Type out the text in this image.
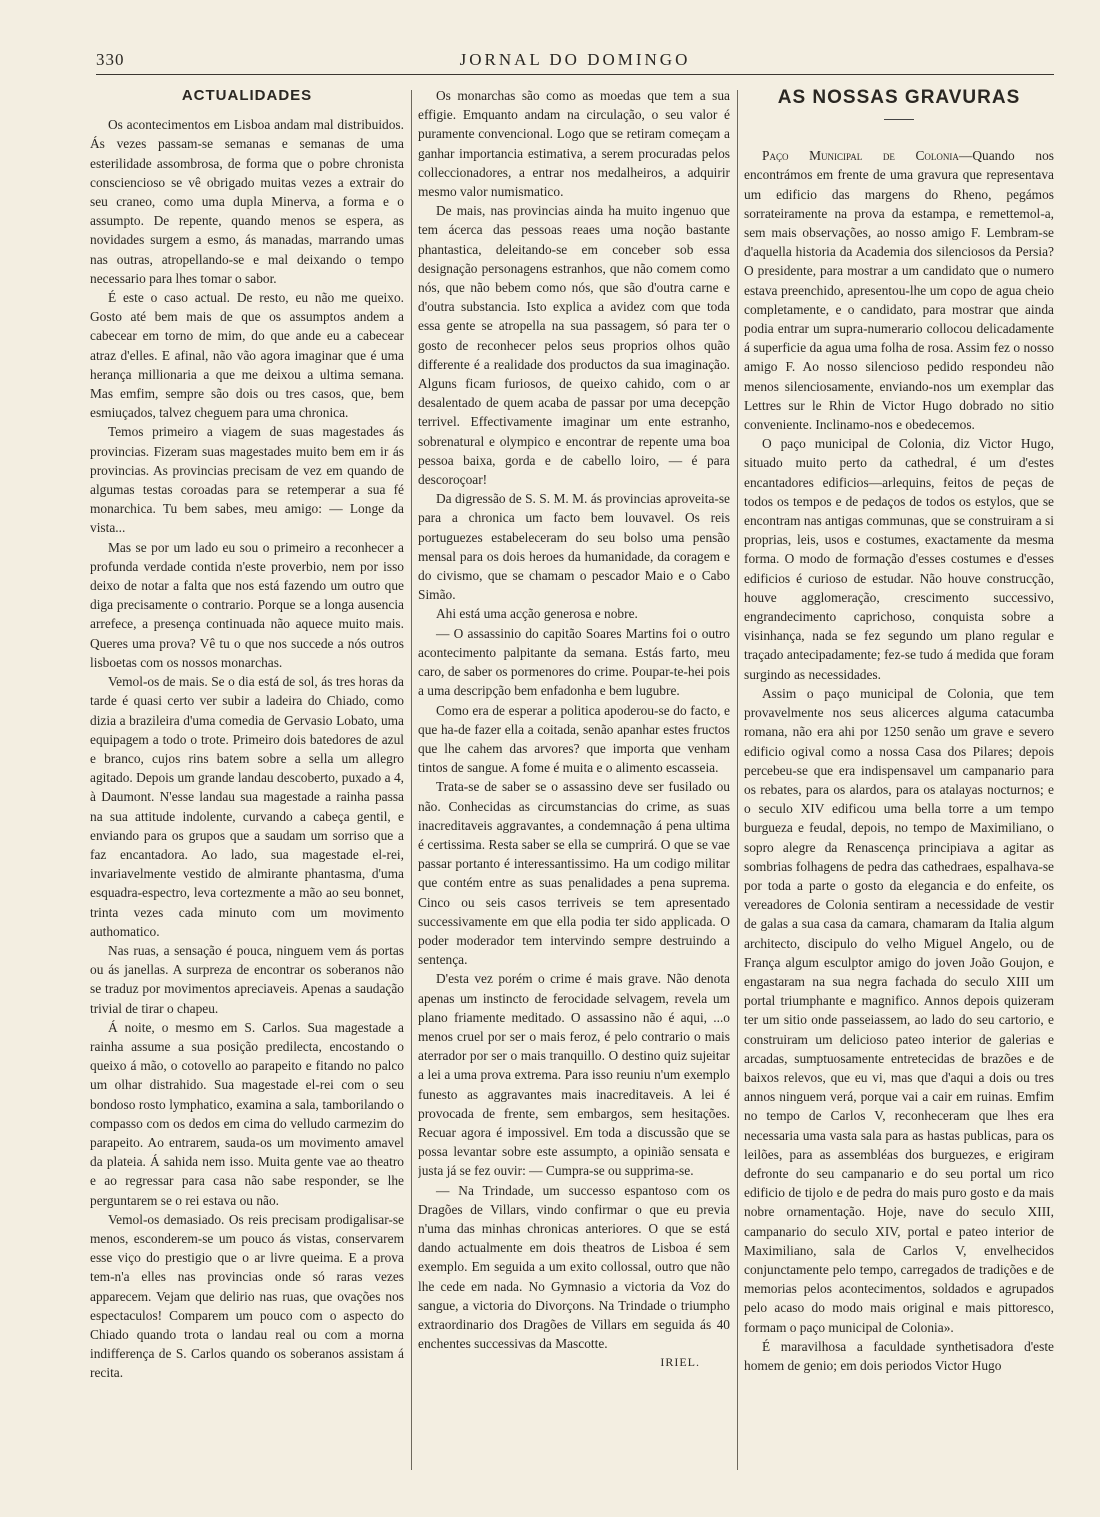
330	JORNAL DO DOMINGO
ACTUALIDADES

Os acontecimentos em Lisboa andam mal distribuidos. Ás vezes passam-se semanas e semanas de uma esterilidade assombrosa, de forma que o pobre chronista consciencioso se vê obrigado muitas vezes a extrair do seu craneo, como uma dupla Minerva, a forma e o assumpto. De repente, quando menos se espera, as novidades surgem a esmo, ás manadas, marrando umas nas outras, atropellando-se e mal deixando o tempo necessario para lhes tomar o sabor.

É este o caso actual. De resto, eu não me queixo. Gosto até bem mais de que os assumptos andem a cabecear em torno de mim, do que ande eu a cabecear atraz d'elles. E afinal, não vão agora imaginar que é uma herança millionaria a que me deixou a ultima semana. Mas emfim, sempre são dois ou tres casos, que, bem esmiuçados, talvez cheguem para uma chronica.

Temos primeiro a viagem de suas magestades ás provincias. Fizeram suas magestades muito bem em ir ás provincias. As provincias precisam de vez em quando de algumas testas coroadas para se retemperar a sua fé monarchica. Tu bem sabes, meu amigo: — Longe da vista...

Mas se por um lado eu sou o primeiro a reconhecer a profunda verdade contida n'este proverbio, nem por isso deixo de notar a falta que nos está fazendo um outro que diga precisamente o contrario. Porque se a longa ausencia arrefece, a presença continuada não aquece muito mais. Queres uma prova? Vê tu o que nos succede a nós outros lisboetas com os nossos monarchas.

Vemol-os de mais. Se o dia está de sol, ás tres horas da tarde é quasi certo ver subir a ladeira do Chiado, como dizia a brazileira d'uma comedia de Gervasio Lobato, uma equipagem a todo o trote. Primeiro dois batedores de azul e branco, cujos rins batem sobre a sella um allegro agitado. Depois um grande landau descoberto, puxado a 4, à Daumont. N'esse landau sua magestade a rainha passa na sua attitude indolente, curvando a cabeça gentil, e enviando para os grupos que a saudam um sorriso que a faz encantadora. Ao lado, sua magestade el-rei, invariavelmente vestido de almirante phantasma, d'uma esquadra-espectro, leva cortezmente a mão ao seu bonnet, trinta vezes cada minuto com um movimento authomatico.

Nas ruas, a sensação é pouca, ninguem vem ás portas ou ás janellas. A surpreza de encontrar os soberanos não se traduz por movimentos apreciaveis. Apenas a saudação trivial de tirar o chapeu.

Á noite, o mesmo em S. Carlos. Sua magestade a rainha assume a sua posição predilecta, encostando o queixo á mão, o cotovello ao parapeito e fitando no palco um olhar distrahido. Sua magestade el-rei com o seu bondoso rosto lymphatico, examina a sala, tamborilando o compasso com os dedos em cima do velludo carmezim do parapeito. Ao entrarem, sauda-os um movimento amavel da plateia. Á sahida nem isso. Muita gente vae ao theatro e ao regressar para casa não sabe responder, se lhe perguntarem se o rei estava ou não.

Vemol-os demasiado. Os reis precisam prodigalisar-se menos, esconderem-se um pouco ás vistas, conservarem esse viço do prestigio que o ar livre queima. E a prova tem-n'a elles nas provincias onde só raras vezes apparecem. Vejam que delirio nas ruas, que ovações nos espectaculos! Comparem um pouco com o aspecto do Chiado quando trota o landau real ou com a morna indifferença de S. Carlos quando os soberanos assistam á recita.

Os monarchas são como as moedas que tem a sua effigie. Emquanto andam na circulação, o seu valor é puramente convencional. Logo que se retiram começam a ganhar importancia estimativa, a serem procuradas pelos colleccionadores, a entrar nos medalheiros, a adquirir mesmo valor numismatico.

De mais, nas provincias ainda ha muito ingenuo que tem ácerca das pessoas reaes uma noção bastante phantastica, deleitando-se em conceber sob essa designação personagens estranhos, que não comem como nós, que não bebem como nós, que são d'outra carne e d'outra substancia. Isto explica a avidez com que toda essa gente se atropella na sua passagem, só para ter o gosto de reconhecer pelos seus proprios olhos quão differente é a realidade dos productos da sua imaginação. Alguns ficam furiosos, de queixo cahido, com o ar desalentado de quem acaba de passar por uma decepção terrivel. Effectivamente imaginar um ente estranho, sobrenatural e olympico e encontrar de repente uma boa pessoa baixa, gorda e de cabello loiro, — é para descoroçoar!

Da digressão de S. S. M. M. ás provincias aproveita-se para a chronica um facto bem louvavel. Os reis portuguezes estabeleceram do seu bolso uma pensão mensal para os dois heroes da humanidade, da coragem e do civismo, que se chamam o pescador Maio e o Cabo Simão.

Ahi está uma acção generosa e nobre.

— O assassinio do capitão Soares Martins foi o outro acontecimento palpitante da semana. Estás farto, meu caro, de saber os pormenores do crime. Poupar-te-hei pois a uma descripção bem enfadonha e bem lugubre.

Como era de esperar a politica apoderou-se do facto, e que ha-de fazer ella a coitada, senão apanhar estes fructos que lhe cahem das arvores? que importa que venham tintos de sangue. A fome é muita e o alimento escasseia.

Trata-se de saber se o assassino deve ser fusilado ou não. Conhecidas as circumstancias do crime, as suas inacreditaveis aggravantes, a condemnação á pena ultima é certissima. Resta saber se ella se cumprirá. O que se vae passar portanto é interessantissimo. Ha um codigo militar que contém entre as suas penalidades a pena suprema. Cinco ou seis casos terriveis se tem apresentado successivamente em que ella podia ter sido applicada. O poder moderador tem intervindo sempre destruindo a sentença.

D'esta vez porém o crime é mais grave. Não denota apenas um instincto de ferocidade selvagem, revela um plano friamente meditado. O assassino não é aqui, ...o menos cruel por ser o mais feroz, é pelo contrario o mais aterrador por ser o mais tranquillo. O destino quiz sujeitar a lei a uma prova extrema. Para isso reuniu n'um exemplo funesto as aggravantes mais inacreditaveis. A lei é provocada de frente, sem embargos, sem hesitações. Recuar agora é impossivel. Em toda a discussão que se possa levantar sobre este assumpto, a opinião sensata e justa já se fez ouvir: — Cumpra-se ou supprima-se.

— Na Trindade, um successo espantoso com os Dragões de Villars, vindo confirmar o que eu previa n'uma das minhas chronicas anteriores. O que se está dando actualmente em dois theatros de Lisboa é sem exemplo. Em seguida a um exito collossal, outro que não lhe cede em nada. No Gymnasio a victoria da Voz do sangue, a victoria do Divorçons. Na Trindade o triumpho extraordinario dos Dragões de Villars em seguida ás 40 enchentes successivas da Mascotte.

IRIEL.

AS NOSSAS GRAVURAS

Paço Municipal de Colonia—Quando nos encontrámos em frente de uma gravura que representava um edificio das margens do Rheno, pegámos sorrateiramente na prova da estampa, e remettemol-a, sem mais observações, ao nosso amigo F. Lembram-se d'aquella historia da Academia dos silenciosos da Persia? O presidente, para mostrar a um candidato que o numero estava preenchido, apresentou-lhe um copo de agua cheio completamente, e o candidato, para mostrar que ainda podia entrar um supra-numerario collocou delicadamente á superficie da agua uma folha de rosa. Assim fez o nosso amigo F. Ao nosso silencioso pedido respondeu não menos silenciosamente, enviando-nos um exemplar das Lettres sur le Rhin de Victor Hugo dobrado no sitio conveniente. Inclinamo-nos e obedecemos.

O paço municipal de Colonia, diz Victor Hugo, situado muito perto da cathedral, é um d'estes encantadores edificios—arlequins, feitos de peças de todos os tempos e de pedaços de todos os estylos, que se encontram nas antigas communas, que se construiram a si proprias, leis, usos e costumes, exactamente da mesma forma. O modo de formação d'esses costumes e d'esses edificios é curioso de estudar. Não houve construcção, houve agglomeração, crescimento successivo, engrandecimento caprichoso, conquista sobre a visinhança, nada se fez segundo um plano regular e traçado antecipadamente; fez-se tudo á medida que foram surgindo as necessidades.

Assim o paço municipal de Colonia, que tem provavelmente nos seus alicerces alguma catacumba romana, não era ahi por 1250 senão um grave e severo edificio ogival como a nossa Casa dos Pilares; depois percebeu-se que era indispensavel um campanario para os rebates, para os alardos, para os atalayas nocturnos; e o seculo XIV edificou uma bella torre a um tempo burgueza e feudal, depois, no tempo de Maximiliano, o sopro alegre da Renascença principiava a agitar as sombrias folhagens de pedra das cathedraes, espalhava-se por toda a parte o gosto da elegancia e do enfeite, os vereadores de Colonia sentiram a necessidade de vestir de galas a sua casa da camara, chamaram da Italia algum architecto, discipulo do velho Miguel Angelo, ou de França algum esculptor amigo do joven João Goujon, e engastaram na sua negra fachada do seculo XIII um portal triumphante e magnifico. Annos depois quizeram ter um sitio onde passeiassem, ao lado do seu cartorio, e construiram um delicioso pateo interior de galerias e arcadas, sumptuosamente entretecidas de brazões e de baixos relevos, que eu vi, mas que d'aqui a dois ou tres annos ninguem verá, porque vai a cair em ruinas. Emfim no tempo de Carlos V, reconheceram que lhes era necessaria uma vasta sala para as hastas publicas, para os leilões, para as assembléas dos burguezes, e erigiram defronte do seu campanario e do seu portal um rico edificio de tijolo e de pedra do mais puro gosto e da mais nobre ornamentação. Hoje, nave do seculo XIII, campanario do seculo XIV, portal e pateo interior de Maximiliano, sala de Carlos V, envelhecidos conjunctamente pelo tempo, carregados de tradições e de memorias pelos acontecimentos, soldados e agrupados pelo acaso do modo mais original e mais pittoresco, formam o paço municipal de Colonia».

É maravilhosa a faculdade synthetisadora d'este homem de genio; em dois periodos Victor Hugo
